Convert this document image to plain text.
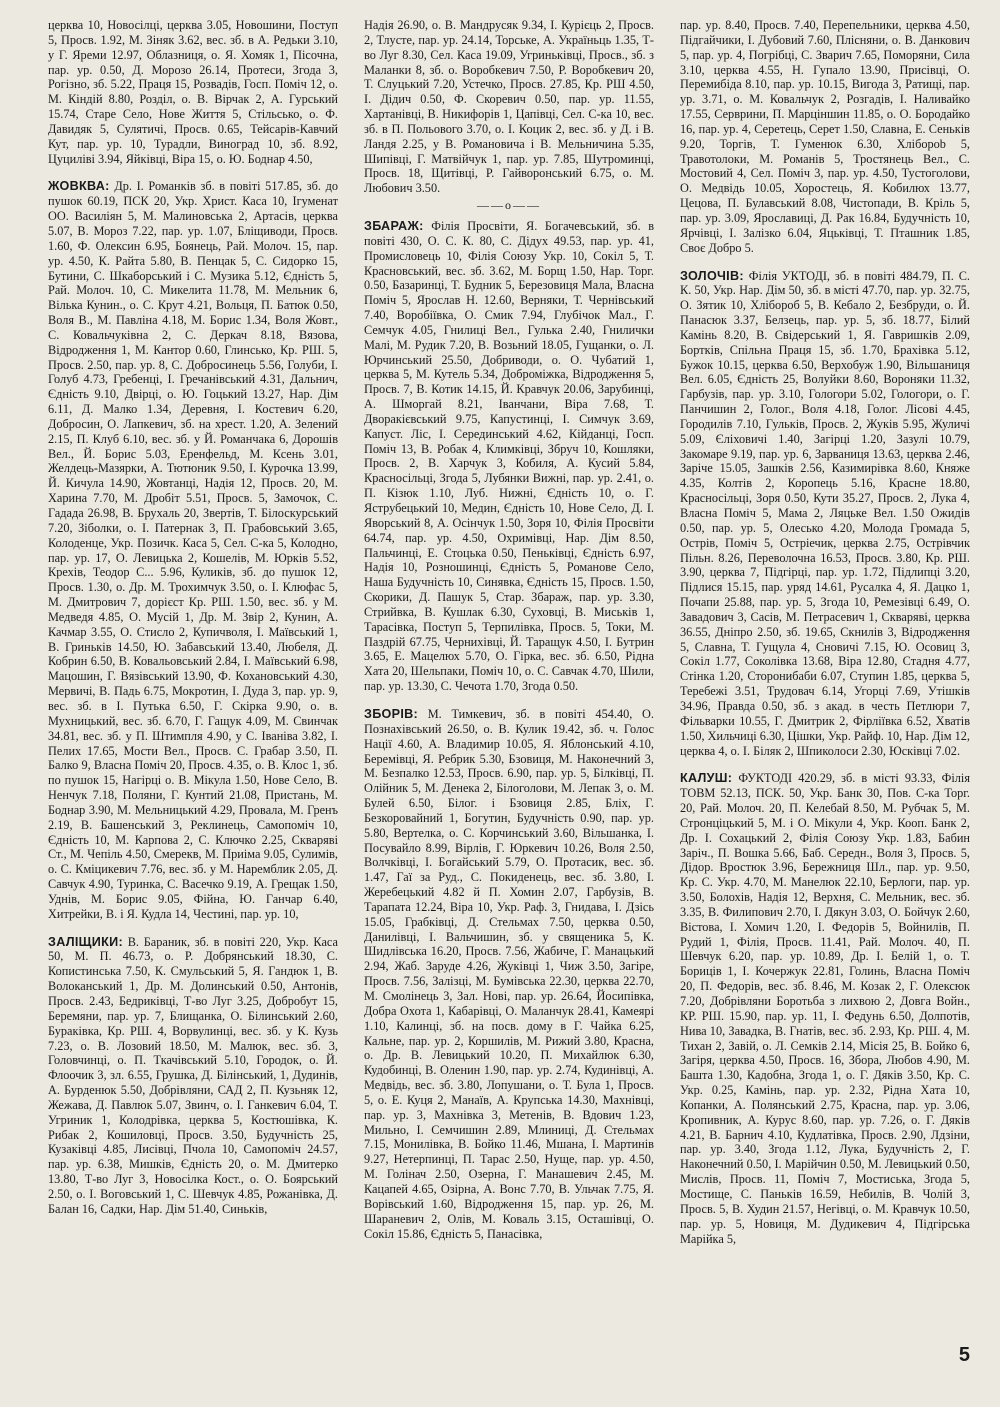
церква 10, Новосілці, церква 3.05, Новошини, Поступ 5, Просв. 1.92, М. Зіняк 3.62, вес. зб. в А. Редьки 3.10, у Г. Яреми 12.97, Облазниця, о. Я. Хомяк 1, Пісочна, пар. ур. 0.50, Д. Морозо 26.14, Протеси, Згода 3, Рогізно, зб. 5.22, Праця 15, Розвадів, Госп. Поміч 12, о. М. Кіндій 8.80, Розділ, о. В. Вірчак 2, А. Гурський 15.74, Старе Село, Нове Життя 5, Стільсько, о. Ф. Давидяк 5, Сулятичі, Просв. 0.65, Тейсарів-Кавчий Кут, пар. ур. 10, Турадли, Виноград 10, зб. 8.92, Цуциліві 3.94, Яйківці, Віра 15, о. Ю. Боднар 4.50,

ЖОВКВА: Др. І. Романків зб. в повіті 517.85, зб. до пушок 60.19, ПСК 20, Укр. Христ. Каса 10, Ігуменат ОО. Василіян 5, М. Малиновська 2, Артасів, церква 5.07, В. Мороз 7.22, пар. ур. 1.07, Бліщиводи, Просв. 1.60, Ф. Олексин 6.95, Боянець, Рай. Молоч. 15, пар. ур. 4.50, К. Райта 5.80, В. Пенцак 5, С. Сидорко 15, Бутини, С. Шкаборський і С. Музика 5.12, Єдність 5, Рай. Молоч. 10, С. Микелита 11.78, М. Мельник 6, Вілька Кунин., о. С. Крут 4.21, Вольця, П. Батюк 0.50, Воля В., М. Павліна 4.18, М. Борис 1.34, Воля Жовт., С. Ковальчуківна 2, С. Деркач 8.18, Вязова, Відродження 1, М. Кантор 0.60, Глинсько, Кр. РШ. 5, Просв. 2.50, пар. ур. 8, С. Добросинець 5.56, Голуби, І. Голуб 4.73, Гребенці, І. Гречанівський 4.31, Дальнич, Єдність 9.10, Двірці, о. Ю. Гоцький 13.27, Нар. Дім 6.11, Д. Малко 1.34, Деревня, І. Костевич 6.20, Добросин, О. Лапкевич, зб. на хрест. 1.20, А. Зелений 2.15, П. Клуб 6.10, вес. зб. у Й. Романчака 6, Дорошів Вел., Й. Борис 5.03, Еренфельд, М. Ксень 3.01, Желдець-Мазярки, А. Тютюник 9.50, І. Курочка 13.99, Й. Кичула 14.90, Жовтанці, Надія 12, Просв. 20, М. Харина 7.70, М. Дробіт 5.51, Просв. 5, Замочок, С. Гадада 26.98, В. Брухаль 20, Звертів, Т. Білоскурський 7.20, Зіболки, о. І. Патернак 3, П. Грабовський 3.65, Колоденце, Укр. Позичк. Каса 5, Сел. С-ка 5, Колодно, пар. ур. 17, О. Левицька 2, Кошелів, М. Юрків 5.52, Крехів, Теодор С... 5.96, Куликів, зб. до пушок 12, Просв. 1.30, о. Др. М. Трохимчук 3.50, о. І. Клюфас 5, М. Дмитрович 7, дорієст Кр. РШ. 1.50, вес. зб. у М. Медведя 4.85, О. Мусій 1, Др. М. Звір 2, Кунин, А. Качмар 3.55, О. Стисло 2, Купичволя, І. Маївський 1, В. Гриньків 14.50, Ю. Забавський 13.40, Любеля, Д. Кобрин 6.50, В. Ковальовський 2.84, І. Маївський 6.98, Мацошин, Г. Вязівський 13.90, Ф. Кохановський 4.30, Мервичі, В. Падь 6.75, Мокротин, І. Дуда 3, пар. ур. 9, вес. зб. в І. Путька 6.50, Г. Скірка 9.90, о. в. Мухницький, вес. зб. 6.70, Г. Гащук 4.09, М. Свинчак 34.81, вес. зб. у П. Штимпля 4.90, у С. Іваніва 3.82, І. Пелих 17.65, Мости Вел., Просв. С. Грабар 3.50, П. Балко 9, Власна Поміч 20, Просв. 4.35, о. В. Клос 1, зб. по пушок 15, Нагірці о. В. Мікула 1.50, Нове Село, В. Ненчук 7.18, Поляни, Г. Кунтий 21.08, Пристань, М. Боднар 3.90, М. Мельницький 4.29, Провала, М. Гренъ 2.19, В. Башенський 3, Реклинець, Самопоміч 10, Єдність 10, М. Карпова 2, С. Ключко 2.25, Скваряві Ст., М. Чепіль 4.50, Смерекв, М. Приіма 9.05, Сулимів, о. С. Кміцикевич 7.76, вес. зб. у М. Наремблик 2.05, Д. Савчук 4.90, Туринка, С. Васечко 9.19, А. Грещак 1.50, Уднів, М. Борис 9.05, Фійна, Ю. Ганчар 6.40, Хитрейки, В. і Я. Кудла 14, Честині, пар. ур. 10,

ЗАЛІЩИКИ: В. Бараник, зб. в повіті 220, Укр. Каса 50, М. П. 46.73, о. Р. Добрянський 18.30, С. Копистинська 7.50, К. Смульський 5, Я. Гандюк 1, В. Волоканський 1, Др. М. Долинський 0.50, Антонів, Просв. 2.43, Бедриківці, Т-во Луг 3.25, Добробут 15, Беремяни, пар. ур. 7, Блищанка, О. Білинський 2.60, Бураківка, Кр. РШ. 4, Ворвулинці, вес. зб. у К. Кузь 7.23, о. В. Лозовий 18.50, М. Малюк, вес. зб. 3, Головчинці, о. П. Ткачівський 5.10, Городок, о. Й. Флоочик 3, зл. 6.55, Грушка, Д. Білінський, 1, Дудинів, А. Бурденюк 5.50, Добрівляни, САД 2, П. Кузьняк 12, Жежава, Д. Павлюк 5.07, Звинч, о. І. Ганкевич 6.04, Т. Угриник 1, Колодрівка, церква 5, Костюшівка, К. Рибак 2, Кошиловці, Просв. 3.50, Будучність 25, Кузаківці 4.85, Лисівці, Пчола 10, Самопоміч 24.57, пар. ур. 6.38, Мишків, Єдність 20, о. М. Дмитерко 13.80, Т-во Луг 3, Новосілка Кост., о. О. Боярський 2.50, о. І. Воговський 1, С. Шевчук 4.85, Рожанівка, Д. Балан 16, Садки, Нар. Дім 51.40, Синьків,

Надія 26.90, о. В. Мандрусяк 9.34, І. Курієць 2, Просв. 2, Тлусте, пар. ур. 24.14, Торське, А. Україньць 1.35, Т-во Луг 8.30, Сел. Каса 19.09, Угриньківці, Просв., зб. з Маланки 8, зб. о. Воробкевич 7.50, Р. Воробкевич 20, Т. Слуцький 7.20, Устечко, Просв. 27.85, Кр. РШ 4.50, І. Дідич 0.50, Ф. Скоревич 0.50, пар. ур. 11.55, Хартанівці, В. Никифорів 1, Цапівці, Сел. С-ка 10, вес. зб. в П. Польового 3.70, о. І. Коцик 2, вес. зб. у Д. і В. Ландя 2.25, у В. Романовича і В. Мельничина 5.35, Шипівці, Г. Матвійчук 1, пар. ур. 7.85, Шутроминці, Просв. 18, Щитівці, Р. Гайворонський 6.75, о. М. Любович 3.50.

——о——

ЗБАРАЖ: Філія Просвіти, Я. Богачевський, зб. в повіті 430, О. С. К. 80, С. Дідух 49.53, пар. ур. 41, Промисловець 10, Філія Союзу Укр. 10, Сокіл 5, Т. Красновський, вес. зб. 3.62, М. Борщ 1.50, Нар. Торг. 0.50, Базаринці, Т. Будник 5, Березовиця Мала, Власна Поміч 5, Ярослав Н. 12.60, Верняки, Т. Чернівський 7.40, Воробіївка, О. Смик 7.94, Глубічок Мал., Г. Семчук 4.05, Гнилиці Вел., Гулька 2.40, Гнилички Малі, М. Рудик 7.20, В. Возьний 18.05, Гущанки, о. Л. Юрчинський 25.50, Добриводи, о. О. Чубатий 1, церква 5, М. Кутель 5.34, Доброміжка, Відродження 5, Просв. 7, В. Котик 14.15, Й. Кравчук 20.06, Зарубинці, А. Шморгай 8.21, Іванчани, Віра 7.68, Т. Дворакієвський 9.75, Капустинці, І. Симчук 3.69, Капуст. Ліс, І. Серединський 4.62, Кійданці, Госп. Поміч 13, В. Робак 4, Климківці, Збруч 10, Кошляки, Просв. 2, В. Харчук 3, Кобиля, А. Кусий 5.84, Красносільці, Згода 5, Лубянки Вижні, пар. ур. 2.41, о. П. Кізюк 1.10, Луб. Нижні, Єдність 10, о. Г. Яструбецький 10, Медин, Єдність 10, Нове Село, Д. І. Яворський 8, А. Осінчук 1.50, Зоря 10, Філія Просвіти 64.74, пар. ур. 4.50, Охримівці, Нар. Дім 8.50, Пальчинці, Е. Стоцька 0.50, Пеньківці, Єдність 6.97, Надія 10, Розношинці, Єдність 5, Романове Село, Наша Будучність 10, Синявка, Єдність 15, Просв. 1.50, Скорики, Д. Пашук 5, Стар. Збараж, пар. ур. 3.30, Стрийвка, В. Кушлак 6.30, Суховці, В. Миськів 1, Тарасівка, Поступ 5, Терпилівка, Просв. 5, Токи, М. Паздрій 67.75, Чернихівці, Й. Таращук 4.50, І. Бутрин 3.65, Е. Мацелюх 5.70, О. Гірка, вес. зб. 6.50, Рідна Хата 20, Шельпаки, Поміч 10, о. С. Савчак 4.70, Шили, пар. ур. 13.30, С. Чечота 1.70, Згода 0.50.

ЗБОРІВ: М. Тимкевич, зб. в повіті 454.40, О. Познахівський 26.50, о. В. Кулик 19.42, зб. ч. Голос Нації 4.60, А. Владимир 10.05, Я. Яблонський 4.10, Беремівці, Я. Ребрик 5.30, Бзовиця, М. Наконечний 3, М. Безпалко 12.53, Просв. 6.90, пар. ур. 5, Білківці, П. Олійник 5, М. Денека 2, Білоголови, М. Лепак 3, о. М. Булей 6.50, Білог. і Бзовиця 2.85, Бліх, Г. Безкоровайний 1, Богутин, Будучність 0.90, пар. ур. 5.80, Вертелка, о. С. Корчинський 3.60, Вільшанка, І. Посувайло 8.99, Вірлів, Г. Юркевич 10.26, Воля 2.50, Волчківці, І. Богайський 5.79, О. Протасик, вес. зб. 1.47, Гаї за Руд., С. Покиденець, вес. зб. 3.80, І. Жеребецький 4.82 й П. Хомин 2.07, Гарбузів, В. Тарапата 12.24, Віра 10, Укр. Раф. 3, Гнидава, І. Дзісь 15.05, Грабківці, Д. Стельмах 7.50, церква 0.50, Данилівці, І. Вальчишин, зб. у священика 5, К. Шидлівська 16.20, Просв. 7.56, Жабиче, Г. Манацький 2.94, Жаб. Заруде 4.26, Жуківці 1, Чиж 3.50, Загіре, Просв. 7.56, Залізці, М. Бумівська 22.30, церква 22.70, М. Смолінець 3, Зал. Нові, пар. ур. 26.64, Йосипівка, Добра Охота 1, Кабарівці, О. Маланчук 28.41, Камеярі 1.10, Калинці, зб. на посв. дому в Г. Чайка 6.25, Кальне, пар. ур. 2, Коршилів, М. Рижий 3.80, Красна, о. Др. В. Левицький 10.20, П. Михайлюк 6.30, Кудобинці, В. Оленин 1.90, пар. ур. 2.74, Кудинівці, А. Медвідь, вес. зб. 3.80, Лопушани, о. Т. Була 1, Просв. 5, о. Е. Куця 2, Манаїв, А. Крупська 14.30, Махнівці, пар. ур. 3, Махнівка 3, Метенів, В. Вдович 1.23, Мильно, І. Семчишин 2.89, Млиниці, Д. Стельмах 7.15, Монилівка, В. Бойко 11.46, Мшана, І. Мартинів 9.27, Нетерпинці, П. Тарас 2.50, Нуще, пар. ур. 4.50, М. Голінач 2.50, Озерна, Г. Манашевич 2.45, М. Кацапей 4.65, Озірна, А. Вонс 7.70, В. Ульчак 7.75, Я. Ворівський 1.60, Відродження 15, пар. ур. 26, М. Шараневич 2, Олів, М. Коваль 3.15, Осташівці, О. Сокіл 15.86, Єдність 5, Панасівка,

пар. ур. 8.40, Просв. 7.40, Перепельники, церква 4.50, Підгайчики, І. Дубовий 7.60, Плісняни, о. В. Данкович 5, пар. ур. 4, Погрібці, С. Зварич 7.65, Поморяни, Сила 3.10, церква 4.55, Н. Гупало 13.90, Присівці, О. Перемибіда 8.10, пар. ур. 10.15, Вигода 3, Ратищі, пар. ур. 3.71, о. М. Ковальчук 2, Розгадів, І. Наливайко 17.55, Серврини, П. Марціншин 11.85, о. О. Бородайко 16, пар. ур. 4, Серетець, Серет 1.50, Славна, Е. Сеньків 9.20, Торгів, Т. Гуменюк 6.30, Хліборob 5, Травотолоки, М. Романів 5, Тростянець Вел., С. Мостовий 4, Сел. Поміч 3, пар. ур. 4.50, Тустоголови, О. Медвідь 10.05, Хоростець, Я. Кобилюх 13.77, Цецова, П. Булавський 8.08, Чистопади, В. Кріль 5, пар. ур. 3.09, Ярославиці, Д. Рак 16.84, Будучність 10, Ярчівці, І. Залізко 6.04, Яцьківці, Т. Пташник 1.85, Своє Добро 5.

ЗОЛОЧІВ: Філія УКТОДІ, зб. в повіті 484.79, П. С. К. 50, Укр. Нар. Дім 50, зб. в місті 47.70, пар. ур. 32.75, О. Зятик 10, Хлібороб 5, В. Кебало 2, Безбруди, о. Й. Панасюк 3.37, Белзець, пар. ур. 5, зб. 18.77, Білий Камінь 8.20, В. Свідерський 1, Я. Гавришків 2.09, Бортків, Спільна Праця 15, зб. 1.70, Брахівка 5.12, Бужок 10.15, церква 6.50, Верхобуж 1.90, Вільшаниця Вел. 6.05, Єдність 25, Волуйки 8.60, Вороняки 11.32, Гарбузів, пар. ур. 3.10, Гологори 5.02, Гологори, о. Г. Панчишин 2, Голог., Воля 4.18, Голог. Лісові 4.45, Городилів 7.10, Гульків, Просв. 2, Жуків 5.95, Жуличі 5.09, Єліховичі 1.40, Загірці 1.20, Зазулі 10.79, Закомаре 9.19, пар. ур. 6, Зарваниця 13.63, церква 2.46, Заріче 15.05, Зашків 2.56, Казимирівка 8.60, Княже 4.35, Колтів 2, Коропець 5.16, Красне 18.80, Красносільці, Зоря 0.50, Кути 35.27, Просв. 2, Лука 4, Власна Поміч 5, Мама 2, Ляцьке Вел. 1.50 Ожидів 0.50, пар. ур. 5, Олесько 4.20, Молода Громада 5, Острів, Поміч 5, Остріечик, церква 2.75, Острівчик Пільн. 8.26, Переволочна 16.53, Просв. 3.80, Кр. РШ. 3.90, церква 7, Підгірці, пар. ур. 1.72, Підлипці 3.20, Підлися 15.15, пар. уряд 14.61, Русалка 4, Я. Дацко 1, Почапи 25.88, пар. ур. 5, Згода 10, Ремезівці 6.49, О. Завадович 3, Сасів, М. Петрасевич 1, Скваряві, церква 36.55, Дніпро 2.50, зб. 19.65, Скнилів 3, Відродження 5, Славна, Т. Гущула 4, Сновичі 7.15, Ю. Осовиц 3, Сокіл 1.77, Соколівка 13.68, Віра 12.80, Стадня 4.77, Стінка 1.20, Сторонибаби 6.07, Ступин 1.85, церква 5, Теребежі 3.51, Трудовач 6.14, Угорці 7.69, Утішків 34.96, Правда 0.50, зб. з акад. в честь Петлюри 7, Фільварки 10.55, Г. Дмитрик 2, Фірліївка 6.52, Хватів 1.50, Хильчиці 6.30, Цішки, Укр. Райф. 10, Нар. Дім 12, церква 4, о. І. Біляк 2, Шпиколоси 2.30, Юсківці 7.02.

КАЛУШ: ФУКТОДІ 420.29, зб. в місті 93.33, Філія ТОВМ 52.13, ПСК. 50, Укр. Банк 30, Пов. С-ка Торг. 20, Рай. Молоч. 20, П. Келебай 8.50, М. Рубчак 5, М. Стронціцький 5, М. і О. Мікули 4, Укр. Кооп. Банк 2, Др. І. Сохацький 2, Філія Союзу Укр. 1.83, Бабин Заріч., П. Вошка 5.66, Баб. Середн., Воля 3, Просв. 5, Дідор. Вростюк 3.96, Бережниця Шл., пар. ур. 9.50, Кр. С. Укр. 4.70, М. Манелюк 22.10, Берлоги, пар. ур. 3.50, Болохів, Надія 12, Верхня, С. Мельник, вес. зб. 3.35, В. Филипович 2.70, І. Дякун 3.03, О. Бойчук 2.60, Вістова, І. Хомич 1.20, І. Федорів 5, Войнилів, П. Рудий 1, Філія, Просв. 11.41, Рай. Молоч. 40, П. Шевчук 6.20, пар. ур. 10.89, Др. І. Белій 1, о. Т. Бориців 1, І. Кочержук 22.81, Голинь, Власна Поміч 20, П. Федорів, вес. зб. 8.46, М. Козак 2, Г. Олексюк 7.20, Добрівляни Боротьба з лихвою 2, Довга Войн., КР. РШ. 15.90, пар. ур. 11, І. Федунь 6.50, Долпотів, Нива 10, Завадка, В. Гнатів, вес. зб. 2.93, Кр. РШ. 4, М. Тихан 2, Завій, о. Л. Семків 2.14, Місія 25, В. Бойко 6, Загіря, церква 4.50, Просв. 16, Збора, Любов 4.90, М. Башта 1.30, Кадобна, Згода 1, о. Г. Дяків 3.50, Кр. С. Укр. 0.25, Камінь, пар. ур. 2.32, Рідна Хата 10, Копанки, А. Полянський 2.75, Красна, пар. ур. 3.06, Кропивник, А. Курус 8.60, пар. ур. 7.26, о. Г. Дяків 4.21, В. Барнич 4.10, Кудлатівка, Просв. 2.90, Лдзіни, пар. ур. 3.40, Згода 1.12, Лука, Будучність 2, Г. Наконечний 0.50, І. Марійчин 0.50, М. Левицький 0.50, Мислів, Просв. 11, Поміч 7, Мостиська, Згода 5, Мостище, С. Паньків 16.59, Небилів, В. Чолій 3, Просв. 5, В. Худин 21.57, Негівці, о. М. Кравчук 10.50, пар. ур. 5, Новиця, М. Дудикевич 4, Підгірська Марійка 5,

5
